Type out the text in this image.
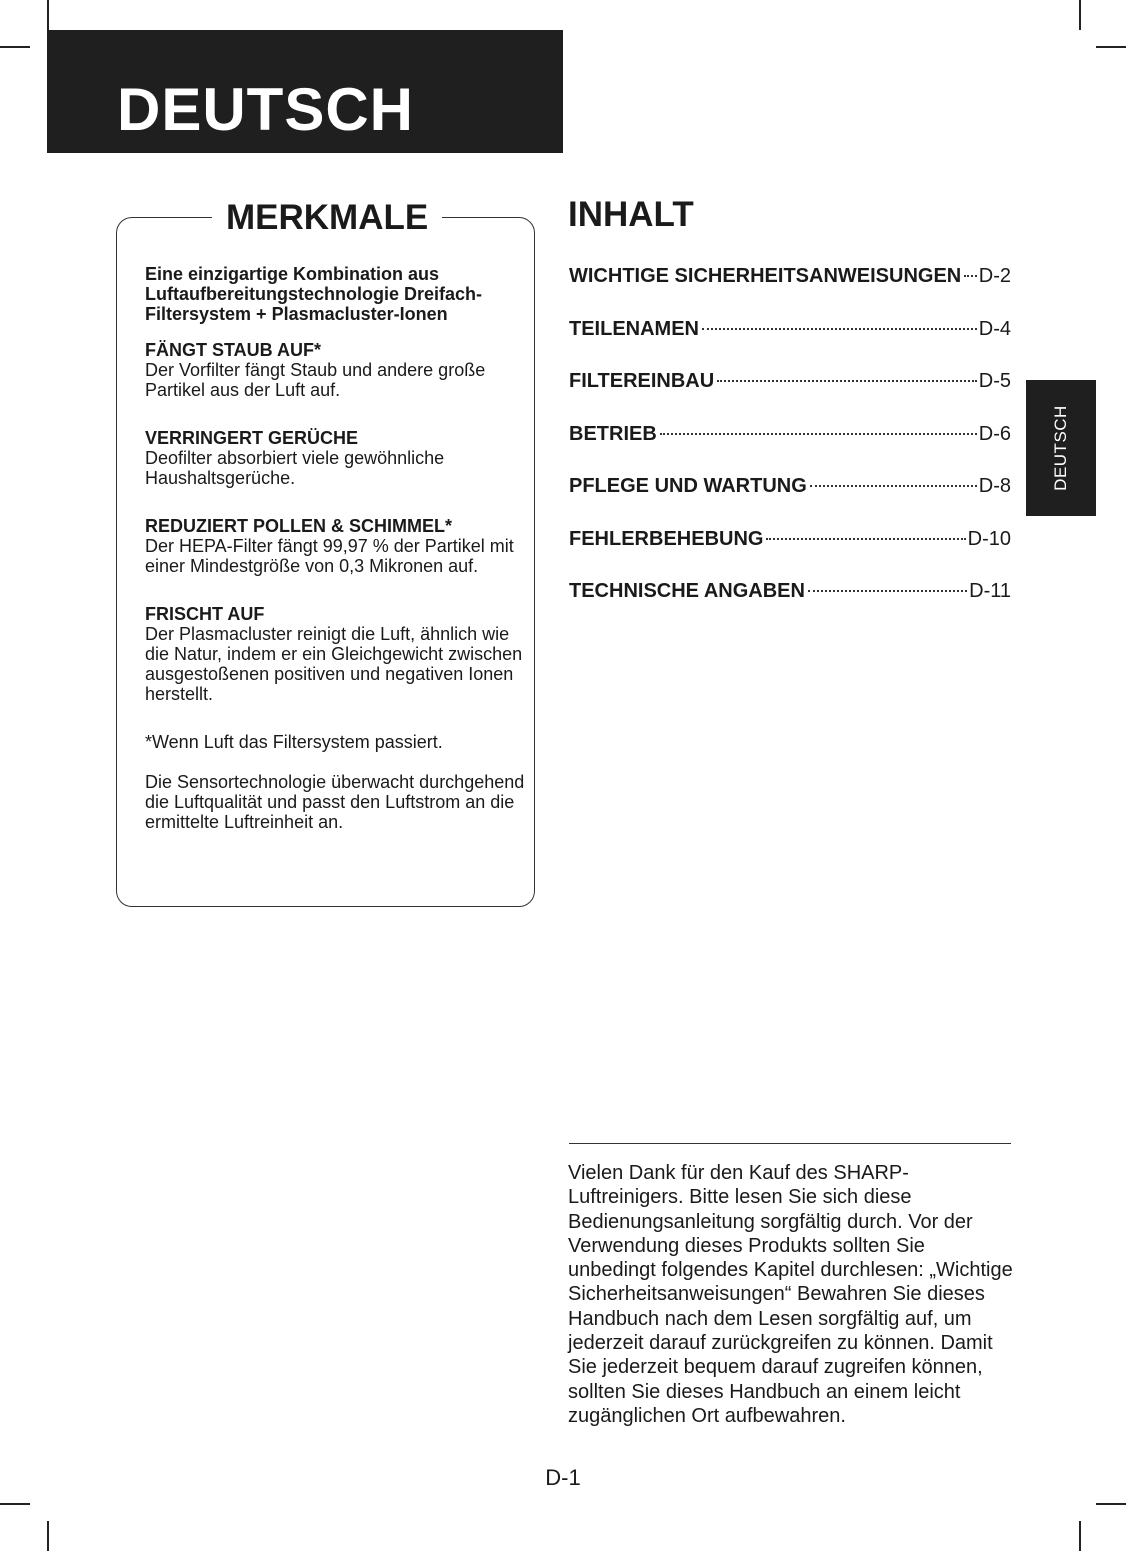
DEUTSCH
DEUTSCH
MERKMALE

Eine einzigartige Kombination aus Luftaufbereitungstechnologie Dreifach-Filtersystem + Plasmacluster-Ionen

FÄNGT STAUB AUF*

Der Vorfilter fängt Staub und andere große Partikel aus der Luft auf.

VERRINGERT GERÜCHE

Deofilter absorbiert viele gewöhnliche Haushaltsgerüche.

REDUZIERT POLLEN & SCHIMMEL*

Der HEPA-Filter fängt 99,97 % der Partikel mit einer Mindestgröße von 0,3 Mikronen auf.

FRISCHT AUF

Der Plasmacluster reinigt die Luft, ähnlich wie die Natur, indem er ein Gleichgewicht zwischen ausgestoßenen positiven und negativen Ionen herstellt.

*Wenn Luft das Filtersystem passiert.

Die Sensortechnologie überwacht durchgehend die Luftqualität und passt den Luftstrom an die ermittelte Luftreinheit an.

INHALT
WICHTIGE SICHERHEITSANWEISUNGEN D-2
TEILENAMEN	D-4
FILTEREINBAU	D-5
BETRIEB	D-6
PFLEGE UND WARTUNG	D-8
FEHLERBEHEBUNG	D-10
TECHNISCHE ANGABEN	D-11

Vielen Dank für den Kauf des SHARP-Luftreinigers. Bitte lesen Sie sich diese Bedienungsanleitung sorgfältig durch. Vor der Verwendung dieses Produkts sollten Sie unbedingt folgendes Kapitel durchlesen: „Wichtige Sicherheitsanweisungen“ Bewahren Sie dieses Handbuch nach dem Lesen sorgfältig auf, um jederzeit darauf zurückgreifen zu können. Damit Sie jederzeit bequem darauf zugreifen können, sollten Sie dieses Handbuch an einem leicht zugänglichen Ort aufbewahren.

D-1
